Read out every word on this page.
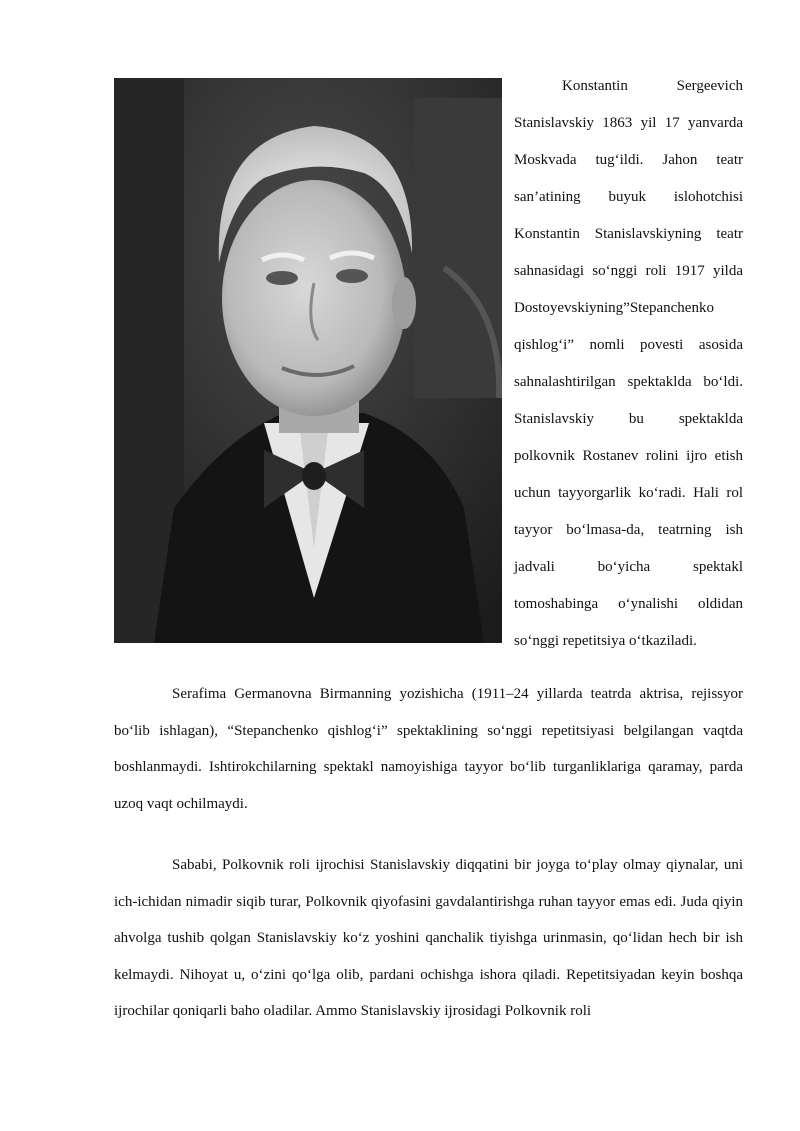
Konstantin Sergeevich Stanislavskiy 1863 yil 17 yanvarda Moskvada tug‘ildi. Jahon teatr san’atining buyuk islohotchisi Konstantin Stanislavskiyning teatr sahnasidagi so‘nggi roli 1917 yilda Dostoyevskiyning”Stepanchenko qishlog‘i” nomli povesti asosida sahnalashtirilgan spektaklda bo‘ldi. Stanislavskiy bu spektaklda polkovnik Rostanev rolini ijro etish uchun tayyorgarlik ko‘radi. Hali rol tayyor bo‘lmasa-da, teatrning ish jadvali bo‘yicha spektakl tomoshabinga o‘ynalishi oldidan so‘nggi repetitsiya o‘tkaziladi.

Serafima Germanovna Birmanning yozishicha (1911–24 yillarda teatrda aktrisa, rejissyor bo‘lib ishlagan), “Stepanchenko qishlog‘i” spektaklining so‘nggi repetitsiyasi belgilangan vaqtda boshlanmaydi. Ishtirokchilarning spektakl namoyishiga tayyor bo‘lib turganliklariga qaramay, parda uzoq vaqt ochilmaydi.

Sababi, Polkovnik roli ijrochisi Stanislavskiy diqqatini bir joyga to‘play olmay qiynalar, uni ich-ichidan nimadir siqib turar, Polkovnik qiyofasini gavdalantirishga ruhan tayyor emas edi. Juda qiyin ahvolga tushib qolgan Stanislavskiy ko‘z yoshini qanchalik tiyishga urinmasin, qo‘lidan hech bir ish kelmaydi. Nihoyat u, o‘zini qo‘lga olib, pardani ochishga ishora qiladi. Repetitsiyadan keyin boshqa ijrochilar qoniqarli baho oladilar. Ammo Stanislavskiy ijrosidagi Polkovnik roli
